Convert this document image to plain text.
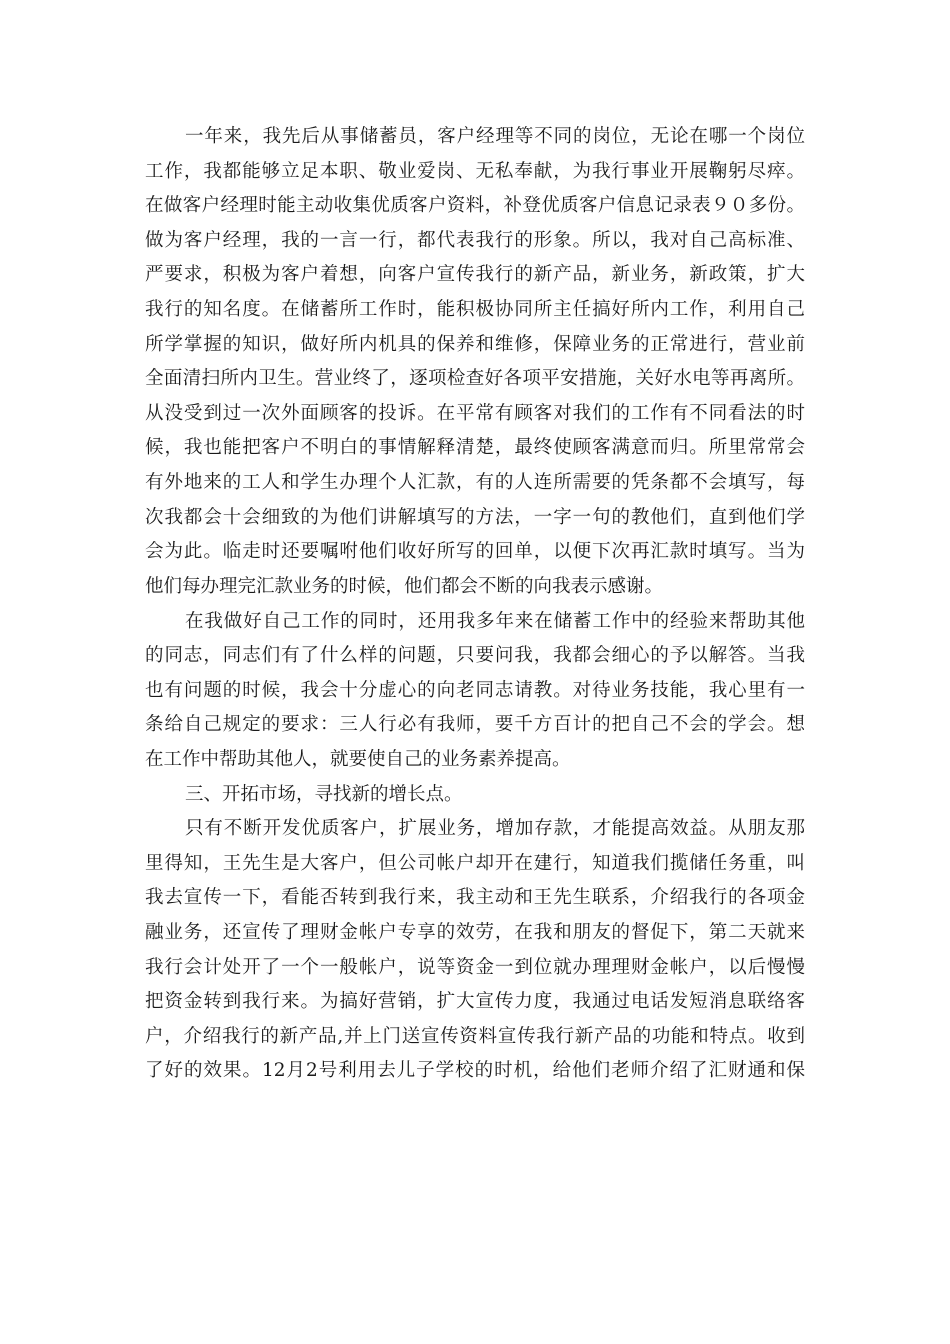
一年来，我先后从事储蓄员，客户经理等不同的岗位，无论在哪一个岗位
工作，我都能够立足本职、敬业爱岗、无私奉献，为我行事业开展鞠躬尽瘁。
在做客户经理时能主动收集优质客户资料，补登优质客户信息记录表９０多份。
做为客户经理，我的一言一行，都代表我行的形象。所以，我对自己高标准、
严要求，积极为客户着想，向客户宣传我行的新产品，新业务，新政策，扩大
我行的知名度。在储蓄所工作时，能积极协同所主任搞好所内工作，利用自己
所学掌握的知识，做好所内机具的保养和维修，保障业务的正常进行，营业前
全面清扫所内卫生。营业终了，逐项检查好各项平安措施，关好水电等再离所。
从没受到过一次外面顾客的投诉。在平常有顾客对我们的工作有不同看法的时
候，我也能把客户不明白的事情解释清楚，最终使顾客满意而归。所里常常会
有外地来的工人和学生办理个人汇款，有的人连所需要的凭条都不会填写，每
次我都会十会细致的为他们讲解填写的方法，一字一句的教他们，直到他们学
会为此。临走时还要嘱咐他们收好所写的回单，以便下次再汇款时填写。当为
他们每办理完汇款业务的时候，他们都会不断的向我表示感谢。
在我做好自己工作的同时，还用我多年来在储蓄工作中的经验来帮助其他
的同志，同志们有了什么样的问题，只要问我，我都会细心的予以解答。当我
也有问题的时候，我会十分虚心的向老同志请教。对待业务技能，我心里有一
条给自己规定的要求：三人行必有我师，要千方百计的把自己不会的学会。想
在工作中帮助其他人，就要使自己的业务素养提高。
三、开拓市场，寻找新的增长点。
只有不断开发优质客户，扩展业务，增加存款，才能提高效益。从朋友那
里得知，王先生是大客户，但公司帐户却开在建行，知道我们揽储任务重，叫
我去宣传一下，看能否转到我行来，我主动和王先生联系，介绍我行的各项金
融业务，还宣传了理财金帐户专享的效劳，在我和朋友的督促下，第二天就来
我行会计处开了一个一般帐户，说等资金一到位就办理理财金帐户，以后慢慢
把资金转到我行来。为搞好营销，扩大宣传力度，我通过电话发短消息联络客
户，介绍我行的新产品,并上门送宣传资料宣传我行新产品的功能和特点。收到
了好的效果。12月2号利用去儿子学校的时机，给他们老师介绍了汇财通和保
